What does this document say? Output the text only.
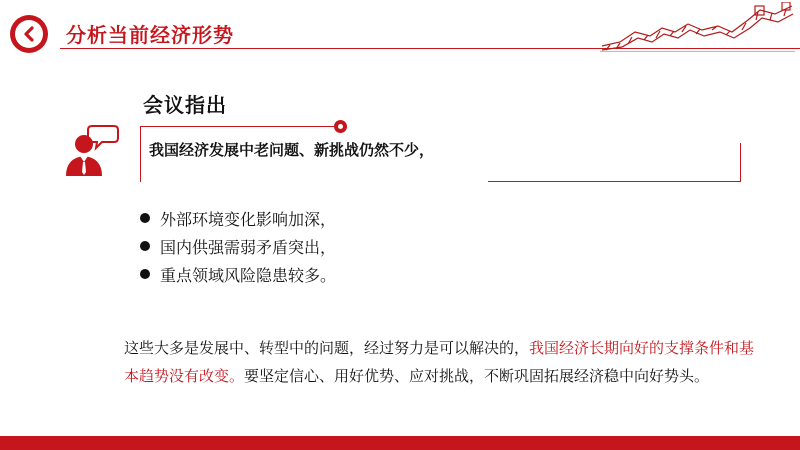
分析当前经济形势
会议指出
我国经济发展中老问题、新挑战仍然不少，
外部环境变化影响加深，
国内供强需弱矛盾突出，
重点领域风险隐患较多。

这些大多是发展中、转型中的问题，经过努力是可以解决的，我国经济长期向好的支撑条件和基本趋势没有改变。要坚定信心、用好优势、应对挑战，不断巩固拓展经济稳中向好势头。
